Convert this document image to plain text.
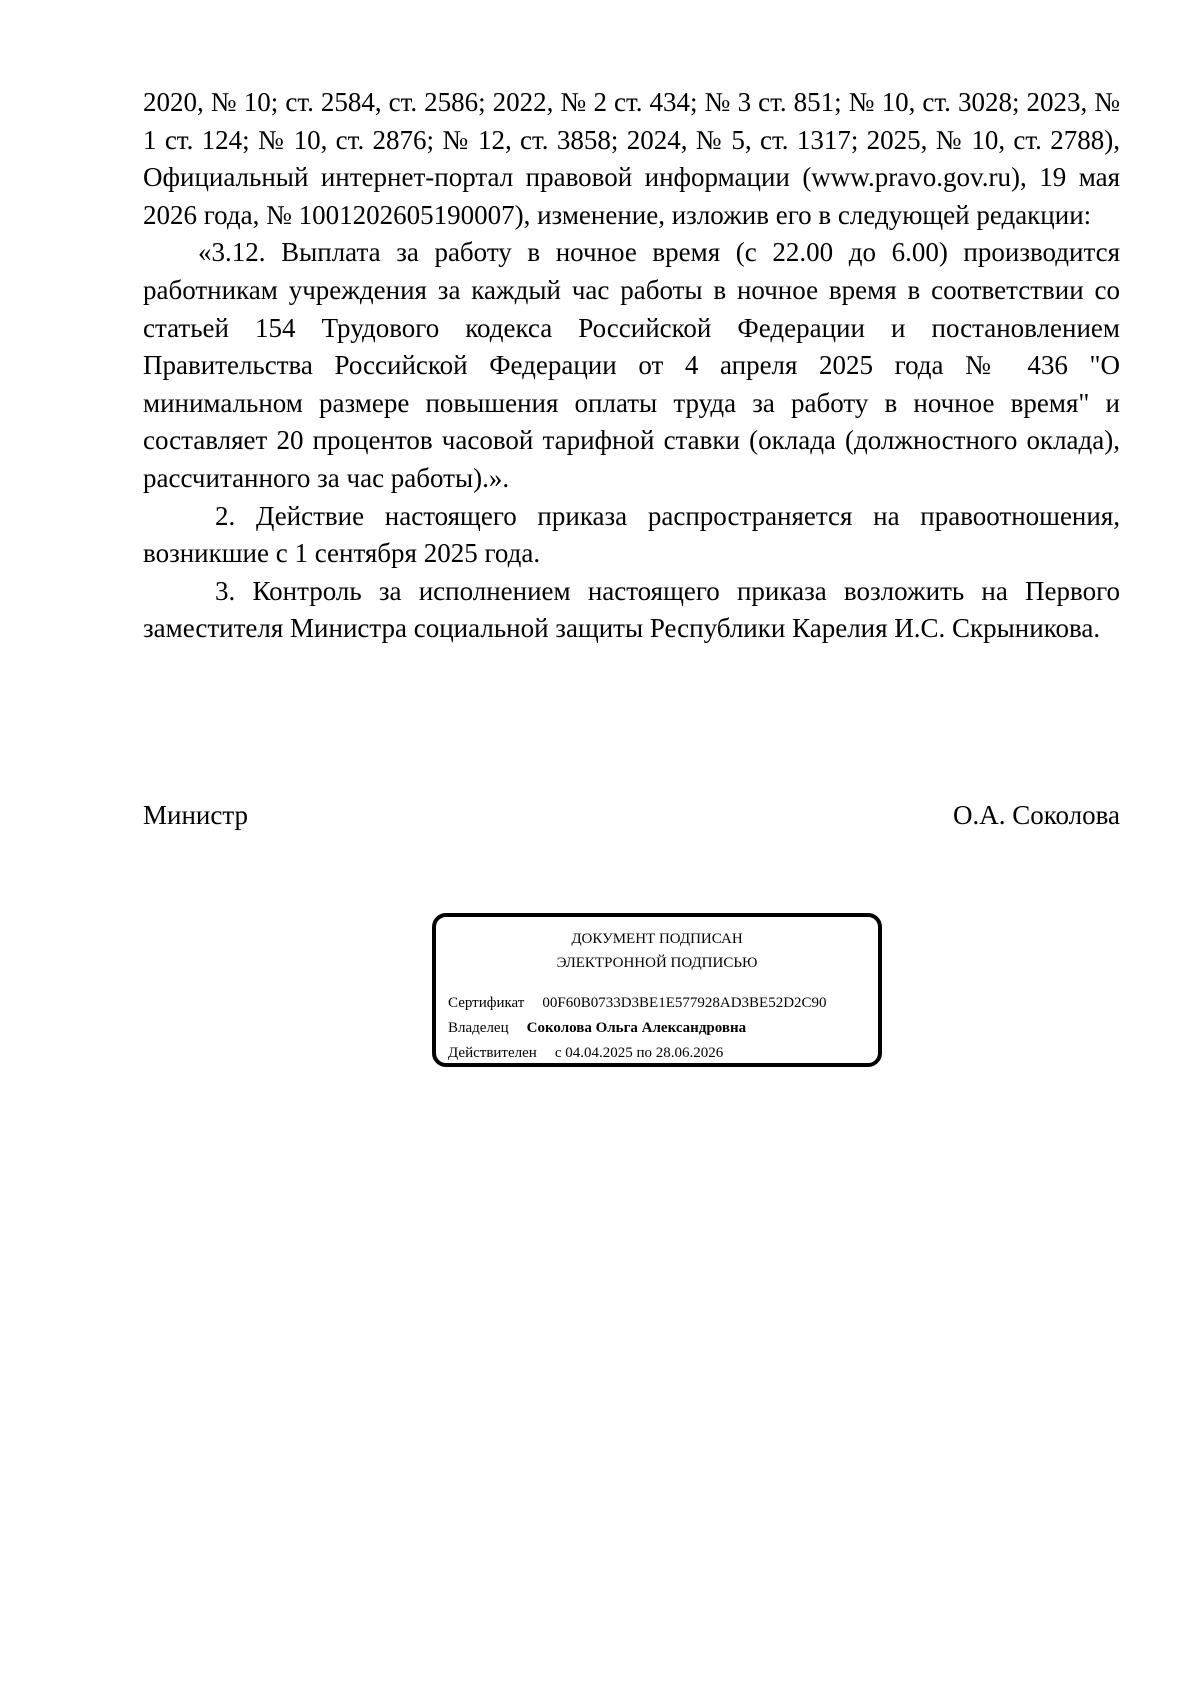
2020, № 10; ст. 2584, ст. 2586; 2022, № 2 ст. 434; № 3 ст. 851; № 10, ст. 3028; 2023, № 1 ст. 124; № 10, ст. 2876; № 12, ст. 3858; 2024, № 5, ст. 1317; 2025, № 10, ст. 2788), Официальный интернет-портал правовой информации (www.pravo.gov.ru), 19 мая 2026 года, № 1001202605190007), изменение, изложив его в следующей редакции:

«3.12. Выплата за работу в ночное время (с 22.00 до 6.00) производится работникам учреждения за каждый час работы в ночное время в соответствии со статьей 154 Трудового кодекса Российской Федерации и постановлением Правительства Российской Федерации от 4 апреля 2025 года № 436 "О минимальном размере повышения оплаты труда за работу в ночное время" и составляет 20 процентов часовой тарифной ставки (оклада (должностного оклада), рассчитанного за час работы).».

2. Действие настоящего приказа распространяется на правоотношения, возникшие с 1 сентября 2025 года.

3. Контроль за исполнением настоящего приказа возложить на Первого заместителя Министра социальной защиты Республики Карелия И.С. Скрыникова.

Министр	О.А. Соколова
ДОКУМЕНТ ПОДПИСАН
ЭЛЕКТРОННОЙ ПОДПИСЬЮ
Сертификат 00F60B0733D3BE1E577928AD3BE52D2C90
Владелец Соколова Ольга Александровна
Действителен с 04.04.2025 по 28.06.2026
